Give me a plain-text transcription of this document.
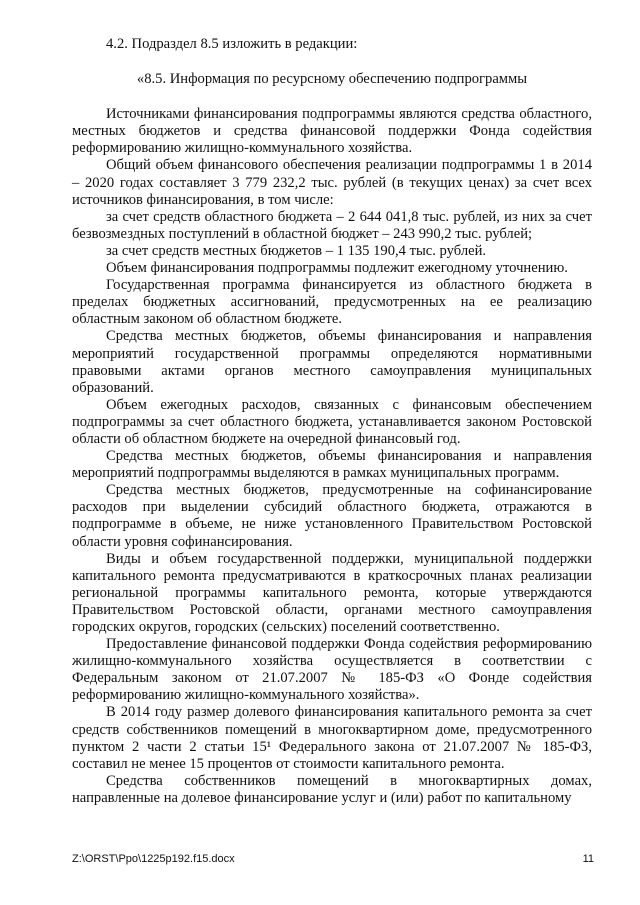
4.2. Подраздел 8.5 изложить в редакции:

«8.5. Информация по ресурсному обеспечению подпрограммы

Источниками финансирования подпрограммы являются средства областного, местных бюджетов и средства финансовой поддержки Фонда содействия реформированию жилищно-коммунального хозяйства.

Общий объем финансового обеспечения реализации подпрограммы 1 в 2014 – 2020 годах составляет 3 779 232,2 тыс. рублей (в текущих ценах) за счет всех источников финансирования, в том числе:

за счет средств областного бюджета – 2 644 041,8 тыс. рублей, из них за счет безвозмездных поступлений в областной бюджет – 243 990,2 тыс. рублей;

за счет средств местных бюджетов – 1 135 190,4 тыс. рублей.

Объем финансирования подпрограммы подлежит ежегодному уточнению.

Государственная программа финансируется из областного бюджета в пределах бюджетных ассигнований, предусмотренных на ее реализацию областным законом об областном бюджете.

Средства местных бюджетов, объемы финансирования и направления мероприятий государственной программы определяются нормативными правовыми актами органов местного самоуправления муниципальных образований.

Объем ежегодных расходов, связанных с финансовым обеспечением подпрограммы за счет областного бюджета, устанавливается законом Ростовской области об областном бюджете на очередной финансовый год.

Средства местных бюджетов, объемы финансирования и направления мероприятий подпрограммы выделяются в рамках муниципальных программ.

Средства местных бюджетов, предусмотренные на софинансирование расходов при выделении субсидий областного бюджета, отражаются в подпрограмме в объеме, не ниже установленного Правительством Ростовской области уровня софинансирования.

Виды и объем государственной поддержки, муниципальной поддержки капитального ремонта предусматриваются в краткосрочных планах реализации региональной программы капитального ремонта, которые утверждаются Правительством Ростовской области, органами местного самоуправления городских округов, городских (сельских) поселений соответственно.

Предоставление финансовой поддержки Фонда содействия реформированию жилищно-коммунального хозяйства осуществляется в соответствии с Федеральным законом от 21.07.2007 № 185-ФЗ «О Фонде содействия реформированию жилищно-коммунального хозяйства».

В 2014 году размер долевого финансирования капитального ремонта за счет средств собственников помещений в многоквартирном доме, предусмотренного пунктом 2 части 2 статьи 15¹ Федерального закона от 21.07.2007 № 185-ФЗ, составил не менее 15 процентов от стоимости капитального ремонта.

Средства собственников помещений в многоквартирных домах, направленные на долевое финансирование услуг и (или) работ по капитальному

Z:\ORST\Ppo\1225p192.f15.docx	11
